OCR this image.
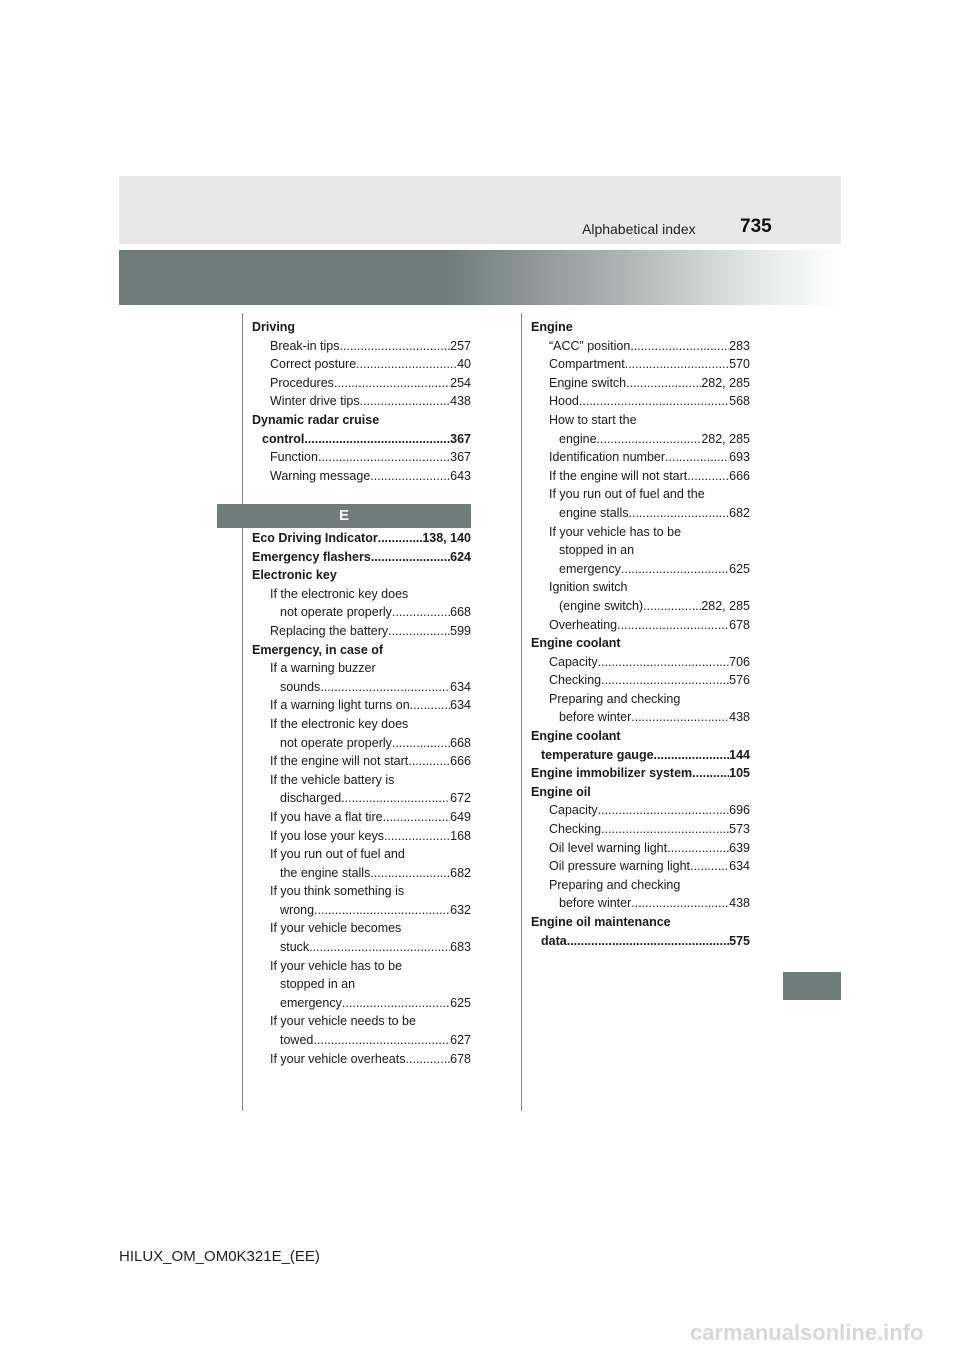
Alphabetical index 735
Driving
Break-in tips .....	257
Correct posture .....	40
Procedures .....	254
Winter drive tips .....	438
Dynamic radar cruise
control .....	367
Function .....	367
Warning message .....	643
E
Eco Driving Indicator .....	138, 140
Emergency flashers .....	624
Electronic key
If the electronic key does
not operate properly .....	668
Replacing the battery .....	599
Emergency, in case of
If a warning buzzer
sounds .....	634
If a warning light turns on .....	634
If the electronic key does
not operate properly .....	668
If the engine will not start .....	666
If the vehicle battery is
discharged .....	672
If you have a flat tire .....	649
If you lose your keys .....	168
If you run out of fuel and
the engine stalls .....	682
If you think something is
wrong .....	632
If your vehicle becomes
stuck .....	683
If your vehicle has to be
stopped in an
emergency .....	625
If your vehicle needs to be
towed .....	627
If your vehicle overheats .....	678
Engine
“ACC” position .....	283
Compartment .....	570
Engine switch .....	282, 285
Hood .....	568
How to start the
engine .....	282, 285
Identification number .....	693
If the engine will not start .....	666
If you run out of fuel and the
engine stalls .....	682
If your vehicle has to be
stopped in an
emergency .....	625
Ignition switch
(engine switch) .....	282, 285
Overheating .....	678
Engine coolant
Capacity .....	706
Checking .....	576
Preparing and checking
before winter .....	438
Engine coolant
temperature gauge .....	144
Engine immobilizer system .....	105
Engine oil
Capacity .....	696
Checking .....	573
Oil level warning light .....	639
Oil pressure warning light .....	634
Preparing and checking
before winter .....	438
Engine oil maintenance
data .....	575
HILUX_OM_OM0K321E_(EE)
carmanualsonline.info
